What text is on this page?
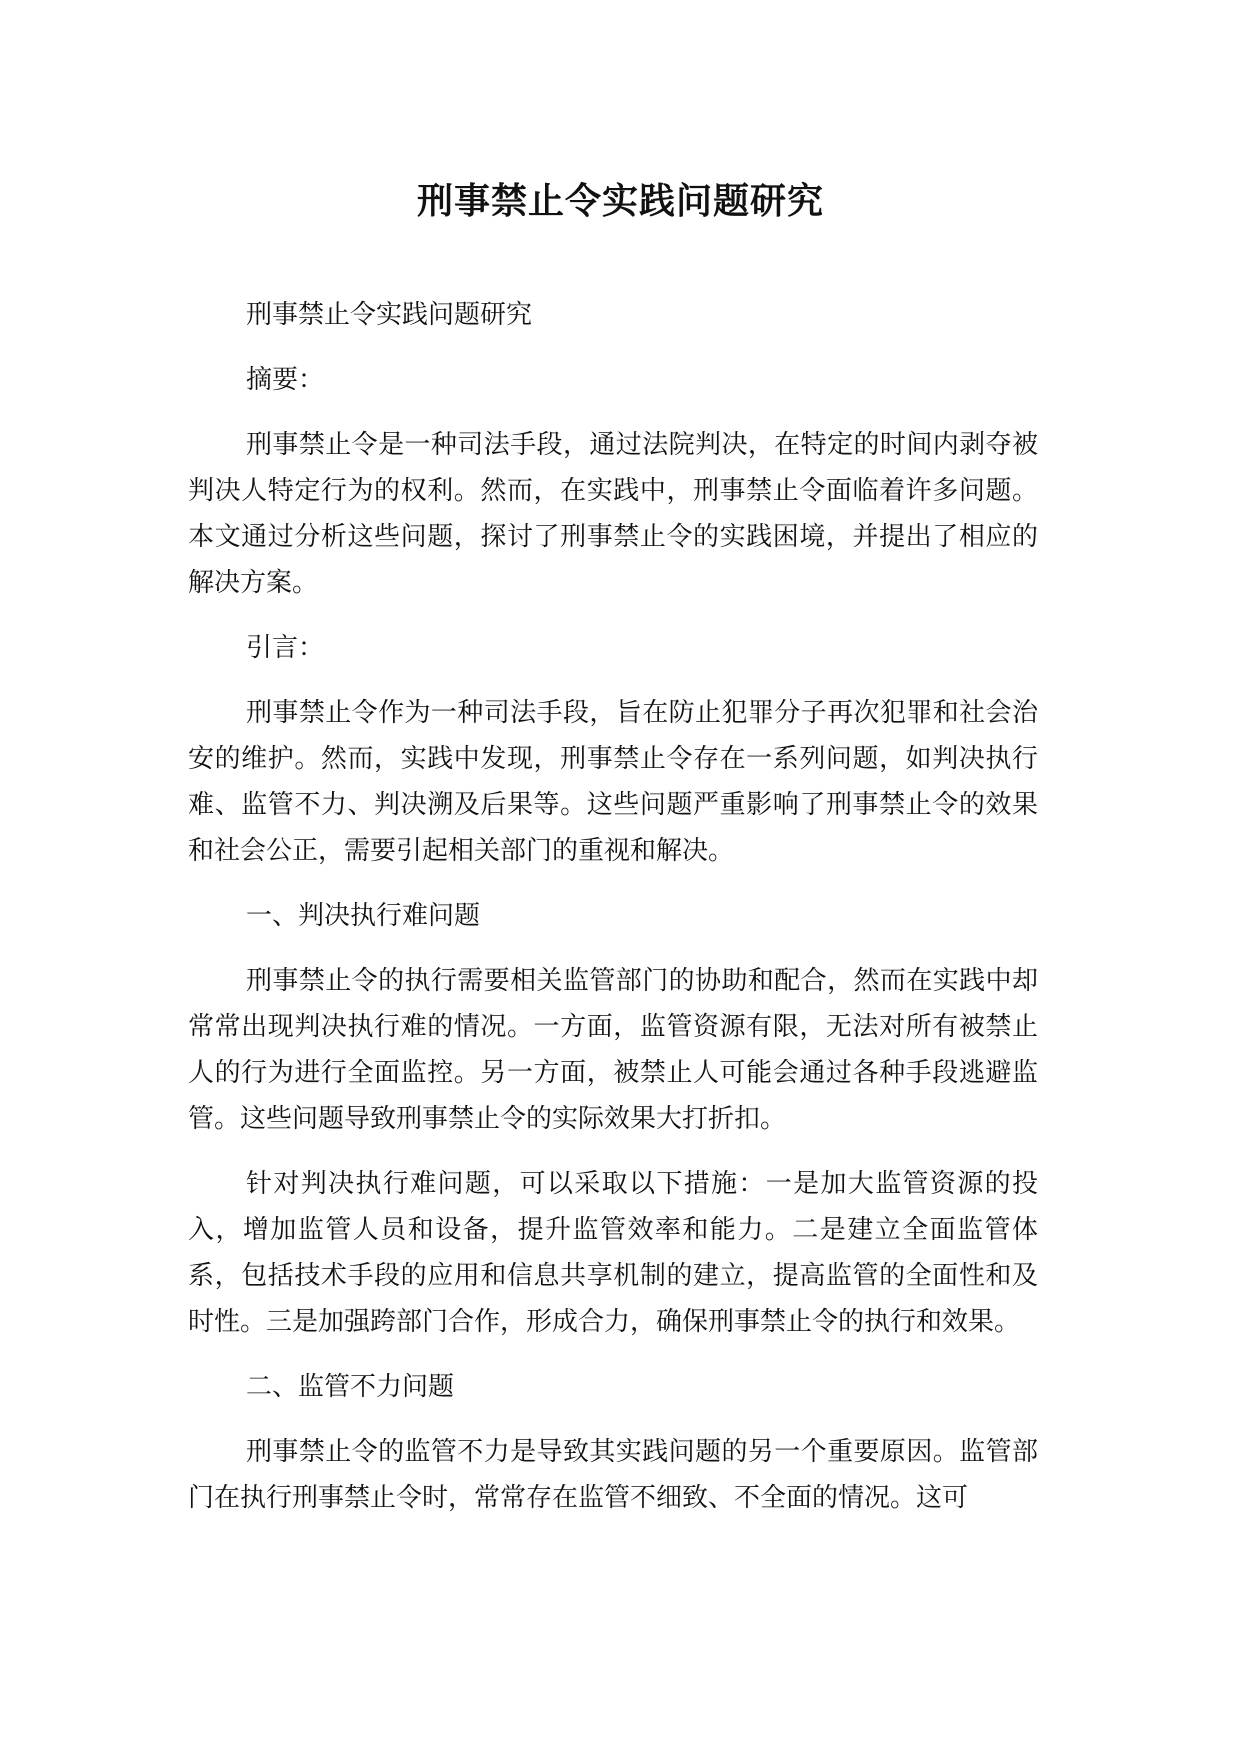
刑事禁止令实践问题研究

刑事禁止令实践问题研究

摘要：

刑事禁止令是一种司法手段，通过法院判决，在特定的时间内剥夺被判决人特定行为的权利。然而，在实践中，刑事禁止令面临着许多问题。本文通过分析这些问题，探讨了刑事禁止令的实践困境，并提出了相应的解决方案。

引言：

刑事禁止令作为一种司法手段，旨在防止犯罪分子再次犯罪和社会治安的维护。然而，实践中发现，刑事禁止令存在一系列问题，如判决执行难、监管不力、判决溯及后果等。这些问题严重影响了刑事禁止令的效果和社会公正，需要引起相关部门的重视和解决。

一、判决执行难问题

刑事禁止令的执行需要相关监管部门的协助和配合，然而在实践中却常常出现判决执行难的情况。一方面，监管资源有限，无法对所有被禁止人的行为进行全面监控。另一方面，被禁止人可能会通过各种手段逃避监管。这些问题导致刑事禁止令的实际效果大打折扣。

针对判决执行难问题，可以采取以下措施：一是加大监管资源的投入，增加监管人员和设备，提升监管效率和能力。二是建立全面监管体系，包括技术手段的应用和信息共享机制的建立，提高监管的全面性和及时性。三是加强跨部门合作，形成合力，确保刑事禁止令的执行和效果。

二、监管不力问题

刑事禁止令的监管不力是导致其实践问题的另一个重要原因。监管部门在执行刑事禁止令时，常常存在监管不细致、不全面的情况。这可
